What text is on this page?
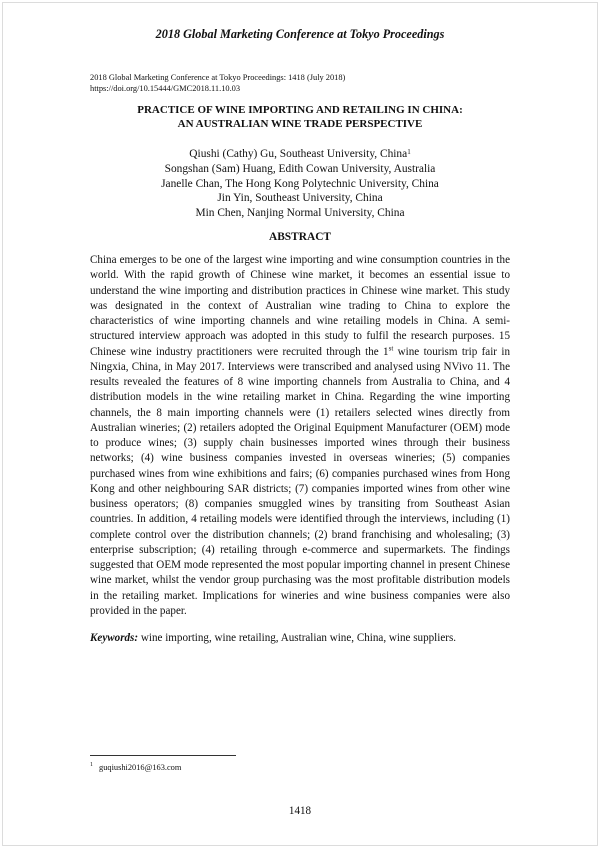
2018 Global Marketing Conference at Tokyo Proceedings
2018 Global Marketing Conference at Tokyo Proceedings: 1418 (July 2018)
https://doi.org/10.15444/GMC2018.11.10.03
PRACTICE OF WINE IMPORTING AND RETAILING IN CHINA:
AN AUSTRALIAN WINE TRADE PERSPECTIVE
Qiushi (Cathy) Gu, Southeast University, China$^1$
Songshan (Sam) Huang, Edith Cowan University, Australia
Janelle Chan, The Hong Kong Polytechnic University, China
Jin Yin, Southeast University, China
Min Chen, Nanjing Normal University, China
ABSTRACT
China emerges to be one of the largest wine importing and wine consumption countries in the world. With the rapid growth of Chinese wine market, it becomes an essential issue to understand the wine importing and distribution practices in Chinese wine market. This study was designated in the context of Australian wine trading to China to explore the characteristics of wine importing channels and wine retailing models in China. A semi-structured interview approach was adopted in this study to fulfil the research purposes. 15 Chinese wine industry practitioners were recruited through the 1st wine tourism trip fair in Ningxia, China, in May 2017. Interviews were transcribed and analysed using NVivo 11. The results revealed the features of 8 wine importing channels from Australia to China, and 4 distribution models in the wine retailing market in China. Regarding the wine importing channels, the 8 main importing channels were (1) retailers selected wines directly from Australian wineries; (2) retailers adopted the Original Equipment Manufacturer (OEM) mode to produce wines; (3) supply chain businesses imported wines through their business networks; (4) wine business companies invested in overseas wineries; (5) companies purchased wines from wine exhibitions and fairs; (6) companies purchased wines from Hong Kong and other neighbouring SAR districts; (7) companies imported wines from other wine business operators; (8) companies smuggled wines by transiting from Southeast Asian countries. In addition, 4 retailing models were identified through the interviews, including (1) complete control over the distribution channels; (2) brand franchising and wholesaling; (3) enterprise subscription; (4) retailing through e-commerce and supermarkets. The findings suggested that OEM mode represented the most popular importing channel in present Chinese wine market, whilst the vendor group purchasing was the most profitable distribution models in the retailing market. Implications for wineries and wine business companies were also provided in the paper.
Keywords: wine importing, wine retailing, Australian wine, China, wine suppliers.
$^1$ guqiushi2016@163.com
1418
